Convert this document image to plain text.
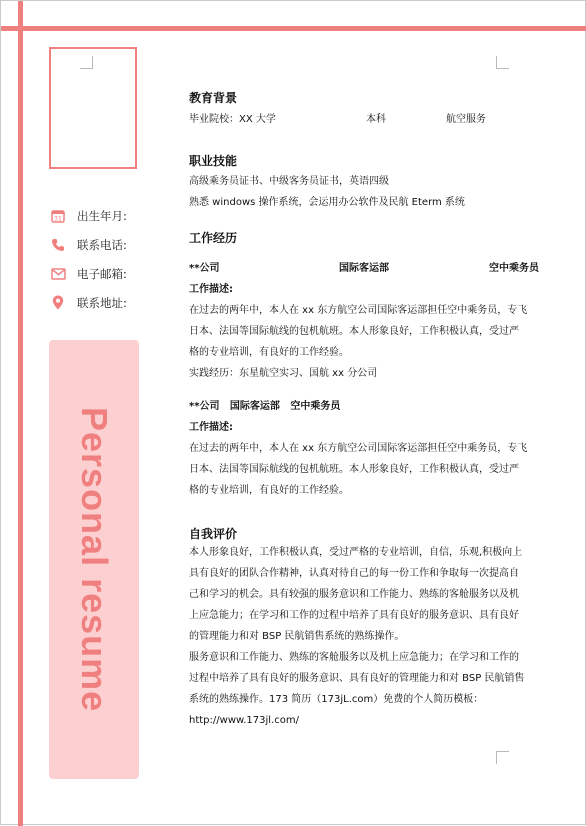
31 出生年月:
联系电话:
电子邮箱:
联系地址:
Personal resume
教育背景
毕业院校：XX 大学	本科	航空服务
职业技能
高级乘务员证书、中级客务员证书，英语四级
熟悉 windows 操作系统，会运用办公软件及民航 Eterm 系统
工作经历
**公司	国际客运部	空中乘务员
工作描述:
在过去的两年中，本人在 xx 东方航空公司国际客运部担任空中乘务员，专飞
日本、法国等国际航线的包机航班。本人形象良好，工作积极认真，受过严
格的专业培训，有良好的工作经验。
实践经历：东星航空实习、国航 xx 分公司
**公司   国际客运部   空中乘务员
工作描述:
在过去的两年中，本人在 xx 东方航空公司国际客运部担任空中乘务员，专飞
日本、法国等国际航线的包机航班。本人形象良好，工作积极认真，受过严
格的专业培训，有良好的工作经验。
自我评价
本人形象良好，工作积极认真，受过严格的专业培训，自信，乐观,积极向上
具有良好的团队合作精神，认真对待自己的每一份工作和争取每一次提高自
己和学习的机会。具有较强的服务意识和工作能力、熟练的客舱服务以及机
上应急能力；在学习和工作的过程中培养了具有良好的服务意识、具有良好
的管理能力和对 BSP 民航销售系统的熟练操作。
服务意识和工作能力、熟练的客舱服务以及机上应急能力；在学习和工作的
过程中培养了具有良好的服务意识、具有良好的管理能力和对 BSP 民航销售
系统的熟练操作。173 简历（173jL.com）免费的个人简历模板：
http://www.173jl.com/
